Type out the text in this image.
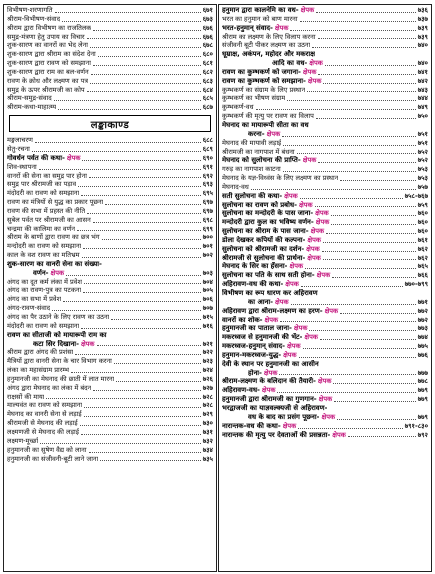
विभीषण-शरणागति	६७१
श्रीराम-विभीषण-संवाद	६७३
श्रीराम द्वारा विभीषण का राजतिलक	६७६
समुद्र-मंत्रणा हेतु उपाय का विचार	६७६
शुक-सारण का वानरों का भेद लेना	६७८
शुक-सारण द्वारा श्रीराम का संदेश देना	६८०
शुक-सारण द्वारा रावण को समझाना	६८१
शुक-सारण द्वारा राम का बल-वर्णन	६८२
रावण के क्रोध और लक्ष्मण का पत्र	६८३
समुद्र के ऊपर श्रीरामजी का कोप	६८४
श्रीराम-समुद्र-संवाद	६८५
श्रीराम-कथा-माहात्म्य	६८७
लङ्काकाण्ड
मङ्गलाचरण	६८८
सेतु-रचना	६८९
गोवर्धन पर्वत की कथा- क्षेपक	६९०
शिव-स्थापना	६९१
वानरों की सेना का समुद्र पार होना	६९२
समुद्र पार श्रीरामजी का पड़ाव	६९३
मंदोदरी का रावण को समझाना	६९५
रावण का मंत्रियों से युद्ध का प्रकार पूछना	६९७
रावण की सभा में प्रहस्त की नीति	६९७
सुबेल पर्वत पर श्रीरामजी का आसन	६९८
चन्द्रमा की कालिमा का वर्णन	६९९
श्रीराम के बाणों द्वारा रावण का छत्र भंग	७००
मन्दोदरी का रावण को समझाना	७०१
काल के वश रावण का मतिभ्रम	७०२
शुक-सारण का वानरी सेना का संख्या-
वर्णन- क्षेपक	७०३
अंगद का दूत कर्म लंका में प्रवेश	७०४
अंगद का रावण-पुत्र का पटकना	७०५
अंगद का सभा में प्रवेश	७०६
अंगद-रावण-संवाद	७०७
अंगद का पैर उठाने के लिए रावण का उठना	७१५
मंदोदरी का रावण को समझाना	७१६
रावण का सीताजी को मायारूपी राम का
कटा सिर दिखाना- क्षेपक	७२१
श्रीराम द्वारा अंगद की प्रशंसा	७२२
मैत्रियों द्वारा वानरी सेना के चार विभाग करना	७२३
लंका का महासंग्राम प्रारम्भ	७२४
हनुमानजी का मेघनाद की छाती में लात मारना	७२६
अंगद द्वारा मेघनाद का लंका में बंदन	७२७
राक्षसों की माया	७२८
माल्यवंत का रावण को समझाना	७२८
मेघनाद का वानरी सेना से लड़ाई	७२९
श्रीरामजी से मेघनाद की लड़ाई	७३०
लक्ष्मणजी से मेघनाद की लड़ाई	७३१
लक्ष्मण-मूर्च्छा	७३२
हनुमानजी का सुषेण वैद्य को लाना	७३४
हनुमानजी का संजीवनी-बूटी लाने जाना	७३५
हनुमान द्वारा कालनेमि का वध- क्षेपक	७३६
भरत का हनुमान को बाण मारना	७३७
भरत-हनुमान् संवाद- क्षेपक	७३९
श्रीराम का लक्ष्मण के लिए विलाप करना	७३९
संजीवनी बूटी पीकर लक्ष्मण का उठना	७४०
धूम्राक्ष, अकंपन, महोदर और मकराक्ष
आदि का वध- क्षेपक	७४०
रावण का कुम्भकर्ण को जगाना- क्षेपक	७४१
रावण का कुम्भकर्ण को समझाना- क्षेपक	७४२
कुम्भकर्ण का संग्राम के लिए प्रस्थान	७४३
कुम्भकर्ण का भीषण संग्राम	७४४
कुम्भकर्ण-वध	७४९
कुम्भकर्ण की मृत्यु पर रावण का विलाप	७५०
मेघनाद का मायारूपी सीता का वध
करना- क्षेपक	७५१
मेघनाद की मायावी लड़ाई	७५१
श्रीरामजी का नागपाश में बंधना	७५२
मेघनाद को सुलोचना की प्राप्ति- क्षेपक	७५२
गरुड़ का नागपाश काटना	७५३
मेघनाद के यज्ञ-विध्वंस के लिए लक्ष्मण का प्रस्थान	७५३
मेघनाद-वध	७५७
सती सुलोचना की कथा- क्षेपक	७५८-७६७
सुलोचना का रावण को प्रबोध- क्षेपक	७५९
सुलोचना का मन्दोदरी के पास जाना- क्षेपक	७६०
मन्दोदरी द्वारा कुल का भविष्य वर्णन- क्षेपक	७६०
सुलोचना का श्रीराम के पास जाना- क्षेपक	७६०
डोला देखकर कपियों की कल्पना- क्षेपक	७६१
सुलोचना को श्रीरामजी का दर्शन- क्षेपक	७६२
श्रीरामजी से सुलोचना की प्रार्थना- क्षेपक	७६२
मेघनाद के सिर का हँसना- क्षेपक	७६५
सुलोचना का पति के साथ सती होना- क्षेपक	७६६
अहिरावण-वध की कथा- क्षेपक	७७०-७९९
विभीषण का रूप धारण कर अहिरावण
का आना- क्षेपक	७७१
अहिरावण द्वारा श्रीराम-लक्ष्मण का हरण- क्षेपक	७७२
वानरों का शोक- क्षेपक	७७२
हनुमानजी का पाताल जाना- क्षेपक	७७३
मकरध्वज से हनुमानजी की भेंट- क्षेपक	७७४
मकरध्वज-हनुमान् संवाद- क्षेपक	७७५
हनुमान-मकरध्वज-युद्ध- क्षेपक	७७६
देवी के स्थान पर हनुमानजी का आसीन
होना- क्षेपक	७७७
श्रीराम-लक्ष्मण के बलिदान की तैयारी- क्षेपक	७७८
अहिरावण-वध- क्षेपक	७७९
हनुमानजी द्वारा श्रीरामजी का गुणगान- क्षेपक	७७९
भरद्वाजजी का याज्ञवल्क्यजी से अहिरावण-
वध के बाद का प्रसंग पूछना- क्षेपक	७७९
नारान्तक-वध की कथा- क्षेपक	७९१-८३०
नारान्तक की मृत्यु पर देवताओं की प्रसन्नता- क्षेपक	७९२
